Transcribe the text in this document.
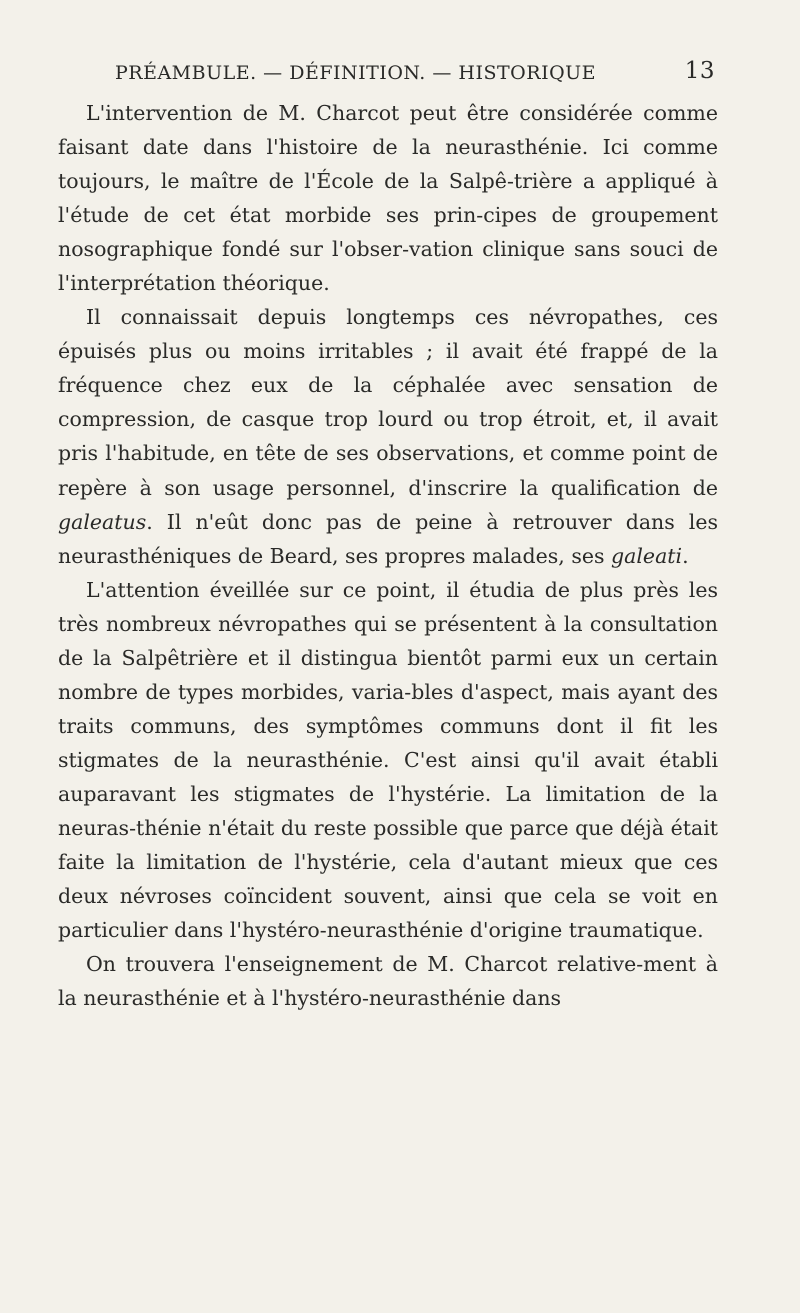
PRÉAMBULE. — DÉFINITION. — HISTORIQUE	13

L'intervention de M. Charcot peut être considérée comme faisant date dans l'histoire de la neurasthénie. Ici comme toujours, le maître de l'École de la Salpê-trière a appliqué à l'étude de cet état morbide ses prin-cipes de groupement nosographique fondé sur l'obser-vation clinique sans souci de l'interprétation théorique.

Il connaissait depuis longtemps ces névropathes, ces épuisés plus ou moins irritables ; il avait été frappé de la fréquence chez eux de la céphalée avec sensation de compression, de casque trop lourd ou trop étroit, et, il avait pris l'habitude, en tête de ses observations, et comme point de repère à son usage personnel, d'inscrire la qualification de galeatus. Il n'eût donc pas de peine à retrouver dans les neurasthéniques de Beard, ses propres malades, ses galeati.

L'attention éveillée sur ce point, il étudia de plus près les très nombreux névropathes qui se présentent à la consultation de la Salpêtrière et il distingua bientôt parmi eux un certain nombre de types morbides, varia-bles d'aspect, mais ayant des traits communs, des symptômes communs dont il fit les stigmates de la neurasthénie. C'est ainsi qu'il avait établi auparavant les stigmates de l'hystérie. La limitation de la neuras-thénie n'était du reste possible que parce que déjà était faite la limitation de l'hystérie, cela d'autant mieux que ces deux névroses coïncident souvent, ainsi que cela se voit en particulier dans l'hystéro-neurasthénie d'origine traumatique.

On trouvera l'enseignement de M. Charcot relative-ment à la neurasthénie et à l'hystéro-neurasthénie dans
